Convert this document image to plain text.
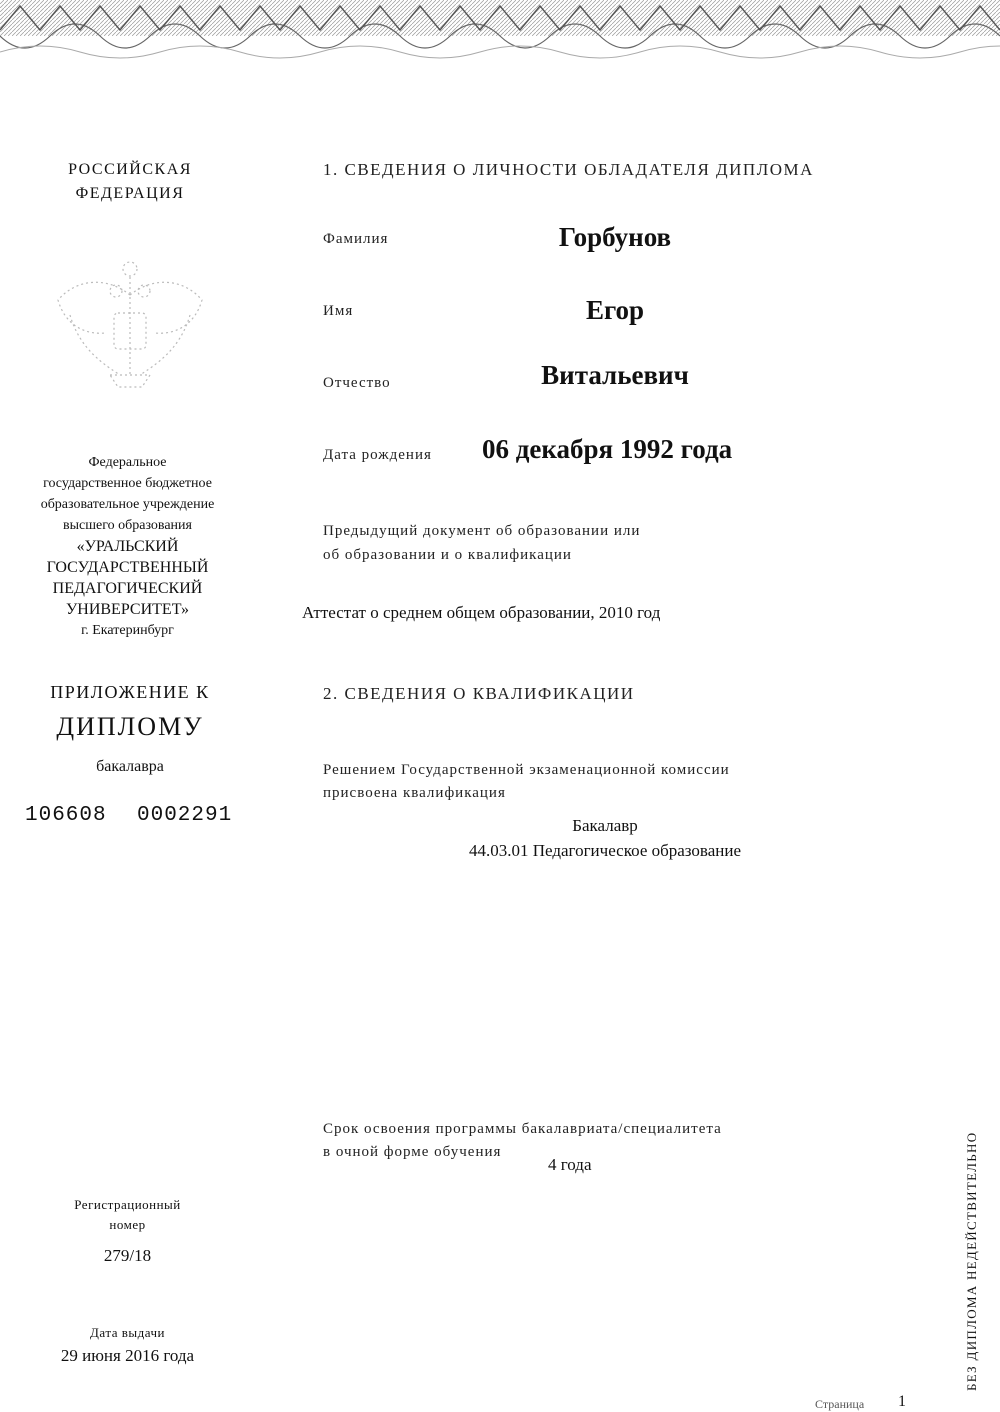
РОССИЙСКАЯ
ФЕДЕРАЦИЯ
Федеральное
государственное бюджетное
образовательное учреждение
высшего образования
«УРАЛЬСКИЙ
ГОСУДАРСТВЕННЫЙ
ПЕДАГОГИЧЕСКИЙ
УНИВЕРСИТЕТ»
г. Екатеринбург
ПРИЛОЖЕНИЕ К
ДИПЛОМУ
бакалавра
106608 0002291
Регистрационный
номер
279/18
Дата выдачи
29 июня 2016 года
1. СВЕДЕНИЯ О ЛИЧНОСТИ ОБЛАДАТЕЛЯ ДИПЛОМА
Фамилия	Горбунов
Имя	Егор
Отчество	Витальевич
Дата рождения 06 декабря 1992 года
Предыдущий документ об образовании или
об образовании и о квалификации
Аттестат о среднем общем образовании, 2010 год
2. СВЕДЕНИЯ О КВАЛИФИКАЦИИ
Решением Государственной экзаменационной комиссии
присвоена квалификация
Бакалавр
44.03.01 Педагогическое образование
Срок освоения программы бакалавриата/специалитета
в очной форме обучения
4 года	БЕЗ ДИПЛОМА НЕДЕЙСТВИТЕЛЬНО
Страница 1
